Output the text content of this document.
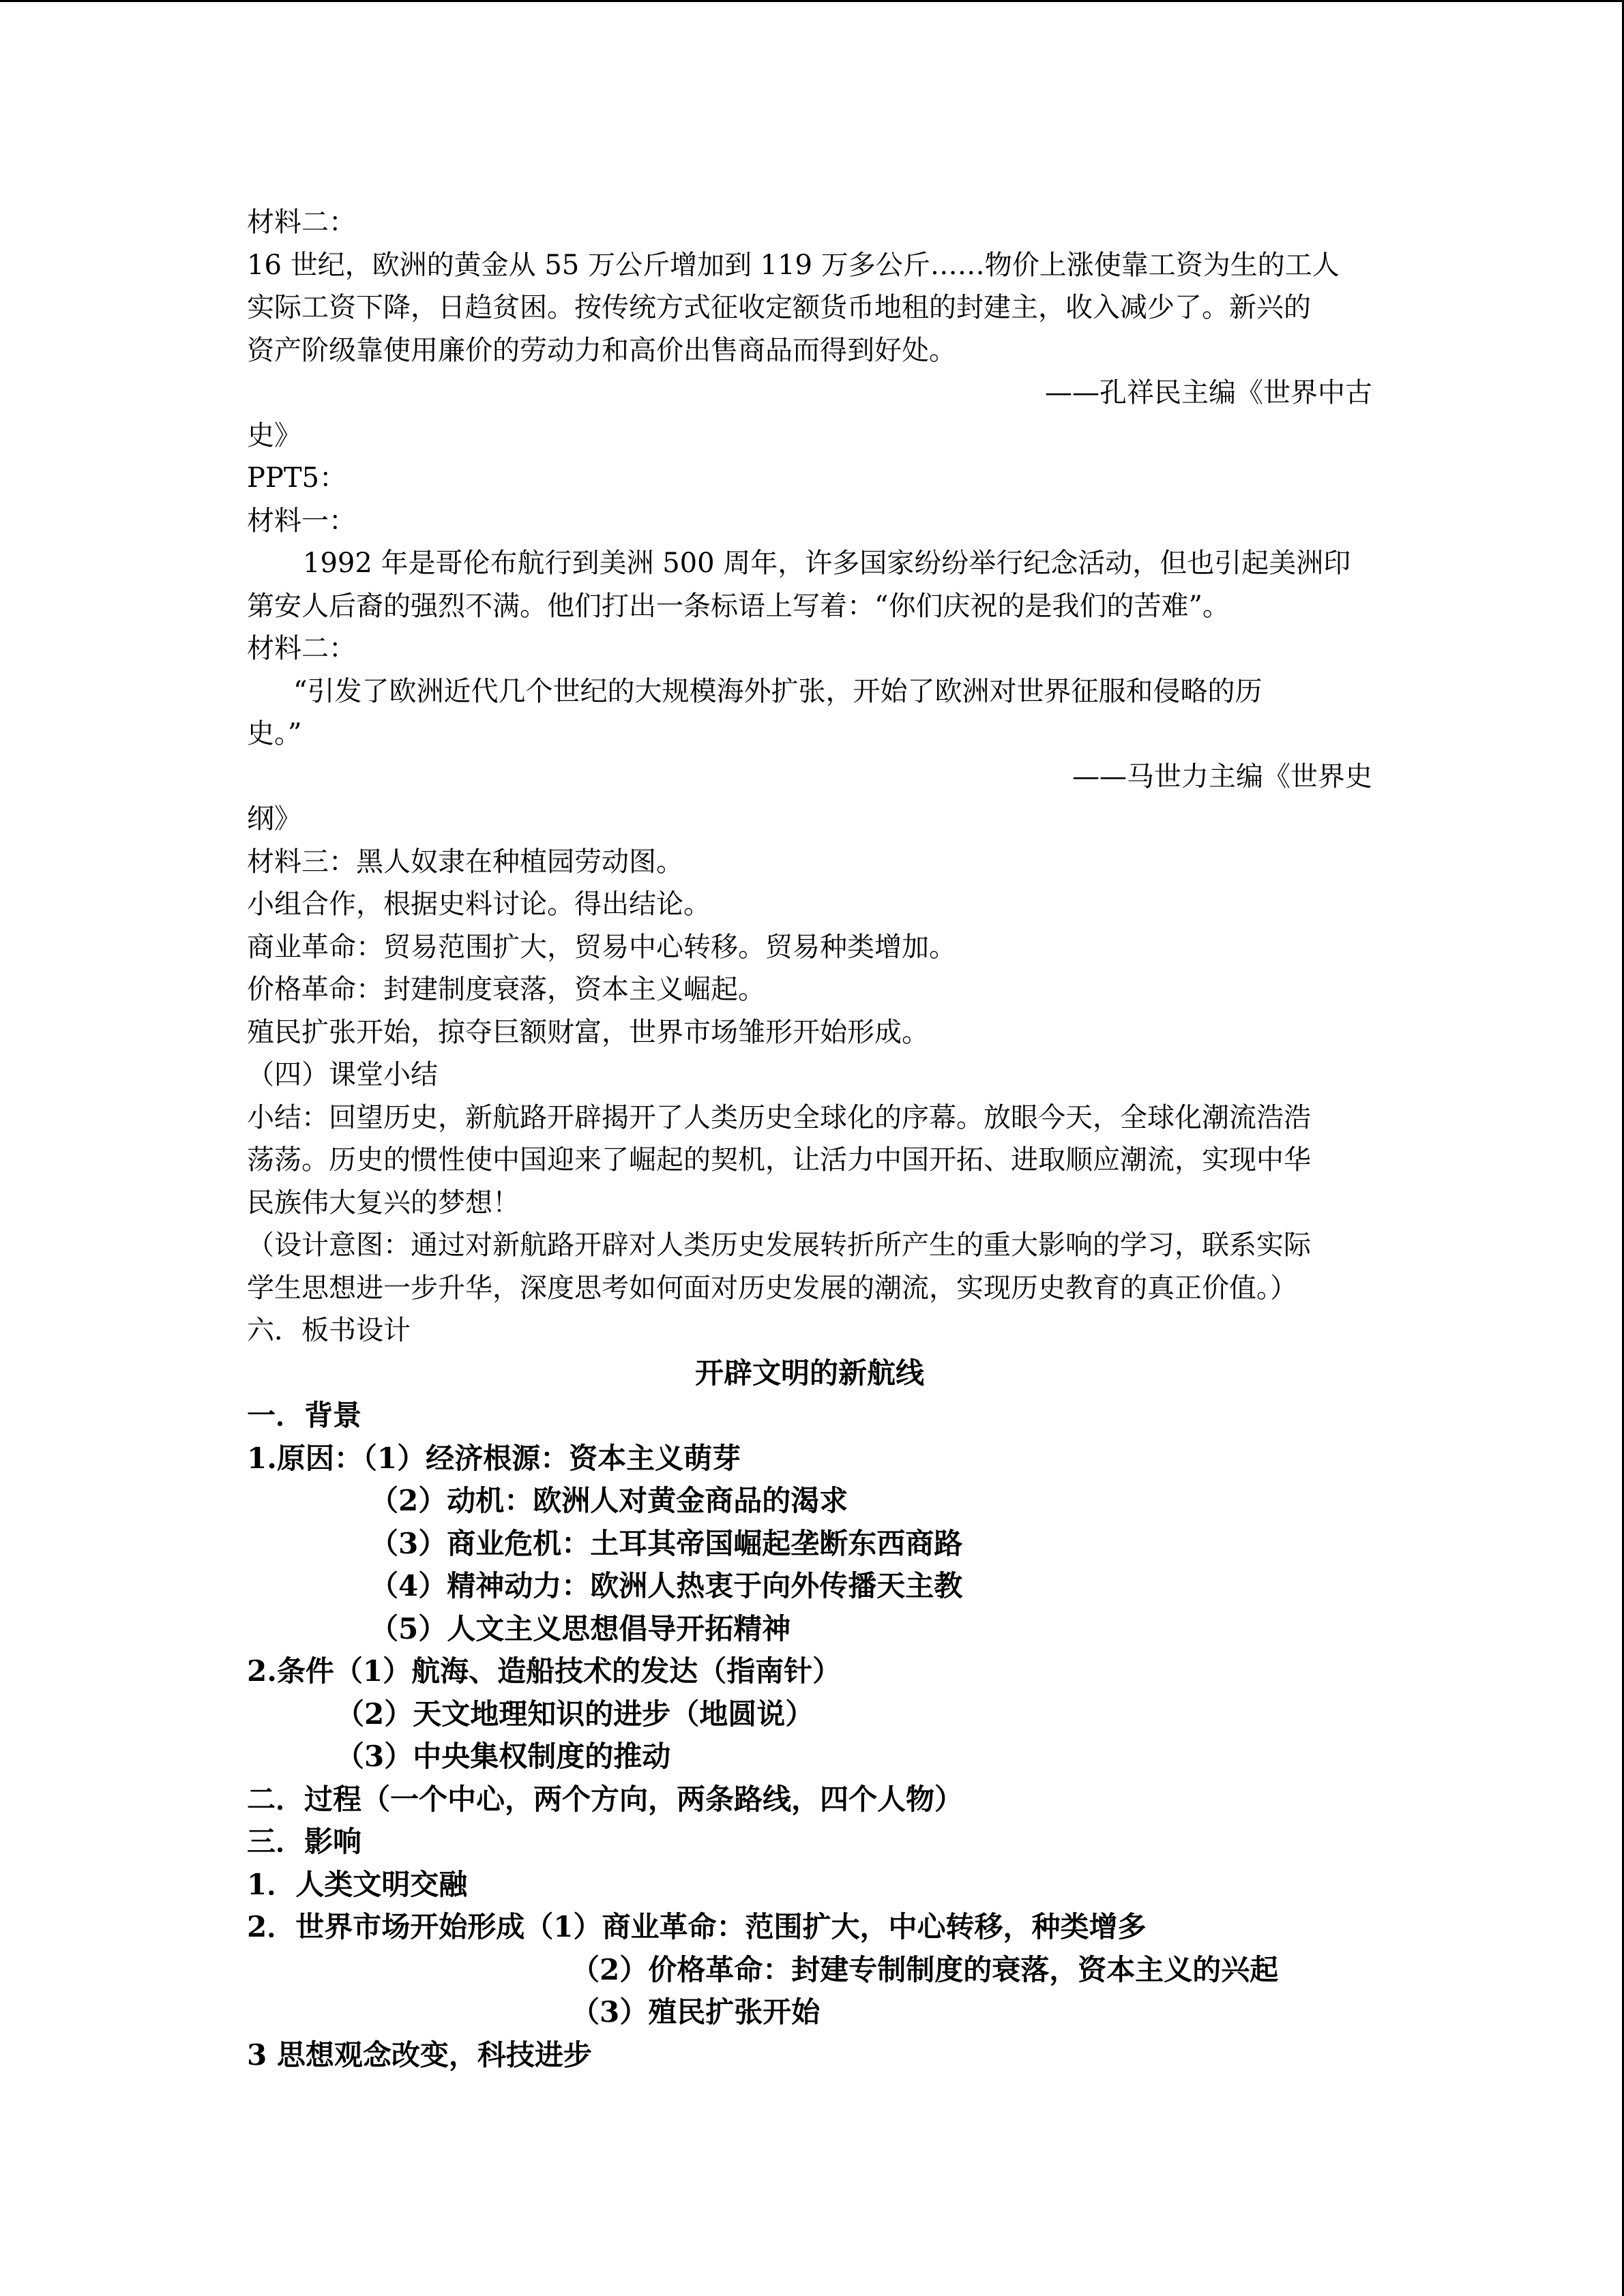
材料二：
16 世纪，欧洲的黄金从 55 万公斤增加到 119 万多公斤……物价上涨使靠工资为生的工人
实际工资下降，日趋贫困。按传统方式征收定额货币地租的封建主，收入减少了。新兴的
资产阶级靠使用廉价的劳动力和高价出售商品而得到好处。
——孔祥民主编《世界中古
史》
PPT5：
材料一：
1992 年是哥伦布航行到美洲 500 周年，许多国家纷纷举行纪念活动，但也引起美洲印
第安人后裔的强烈不满。他们打出一条标语上写着：“你们庆祝的是我们的苦难”。
材料二：
“引发了欧洲近代几个世纪的大规模海外扩张，开始了欧洲对世界征服和侵略的历
史。”
——马世力主编《世界史
纲》
材料三：黑人奴隶在种植园劳动图。
小组合作，根据史料讨论。得出结论。
商业革命：贸易范围扩大，贸易中心转移。贸易种类增加。
价格革命：封建制度衰落，资本主义崛起。
殖民扩张开始，掠夺巨额财富，世界市场雏形开始形成。
（四）课堂小结
小结：回望历史，新航路开辟揭开了人类历史全球化的序幕。放眼今天，全球化潮流浩浩
荡荡。历史的惯性使中国迎来了崛起的契机，让活力中国开拓、进取顺应潮流，实现中华
民族伟大复兴的梦想！
（设计意图：通过对新航路开辟对人类历史发展转折所产生的重大影响的学习，联系实际
学生思想进一步升华，深度思考如何面对历史发展的潮流，实现历史教育的真正价值。）
六．板书设计
开辟文明的新航线
一．背景
1.原因：（1）经济根源：资本主义萌芽
（2）动机：欧洲人对黄金商品的渴求
（3）商业危机：土耳其帝国崛起垄断东西商路
（4）精神动力：欧洲人热衷于向外传播天主教
（5）人文主义思想倡导开拓精神
2.条件（1）航海、造船技术的发达（指南针）
（2）天文地理知识的进步（地圆说）
（3）中央集权制度的推动
二．过程（一个中心，两个方向，两条路线，四个人物）
三．影响
1．人类文明交融
2．世界市场开始形成（1）商业革命：范围扩大，中心转移，种类增多
（2）价格革命：封建专制制度的衰落，资本主义的兴起
（3）殖民扩张开始
3 思想观念改变，科技进步
